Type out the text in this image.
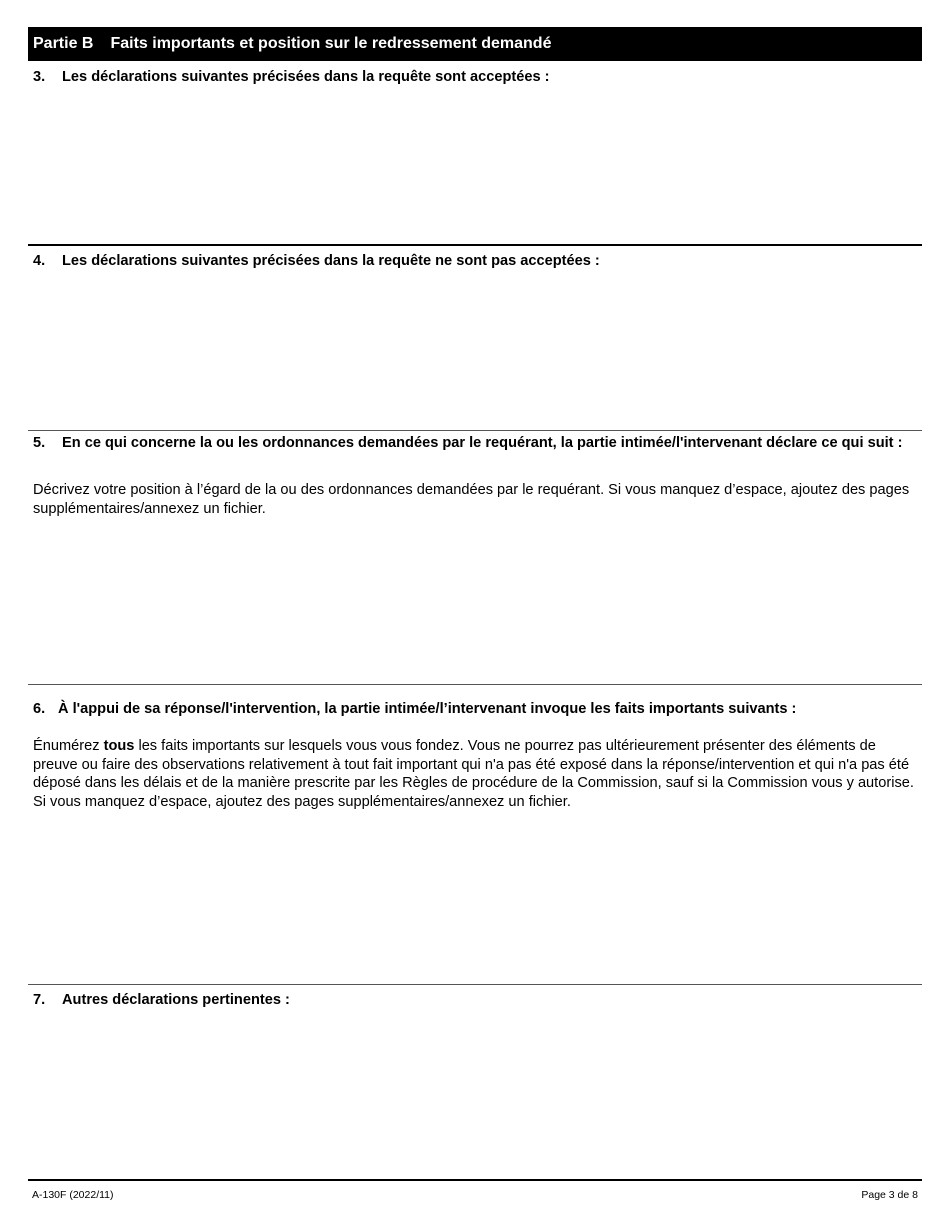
Partie B Faits importants et position sur le redressement demandé
3.	Les déclarations suivantes précisées dans la requête sont acceptées :
4.	Les déclarations suivantes précisées dans la requête ne sont pas acceptées :
5.	En ce qui concerne la ou les ordonnances demandées par le requérant, la partie intimée/l'intervenant déclare ce qui suit :
Décrivez votre position à l’égard de la ou des ordonnances demandées par le requérant. Si vous manquez d’espace, ajoutez des pages supplémentaires/annexez un fichier.
6. À l'appui de sa réponse/l'intervention, la partie intimée/l’intervenant invoque les faits importants suivants :
Énumérez tous les faits importants sur lesquels vous vous fondez. Vous ne pourrez pas ultérieurement présenter des éléments de preuve ou faire des observations relativement à tout fait important qui n'a pas été exposé dans la réponse/intervention et qui n'a pas été déposé dans les délais et de la manière prescrite par les Règles de procédure de la Commission, sauf si la Commission vous y autorise. Si vous manquez d’espace, ajoutez des pages supplémentaires/annexez un fichier.
7.	Autres déclarations pertinentes :
A-130F (2022/11)	Page 3 de 8
